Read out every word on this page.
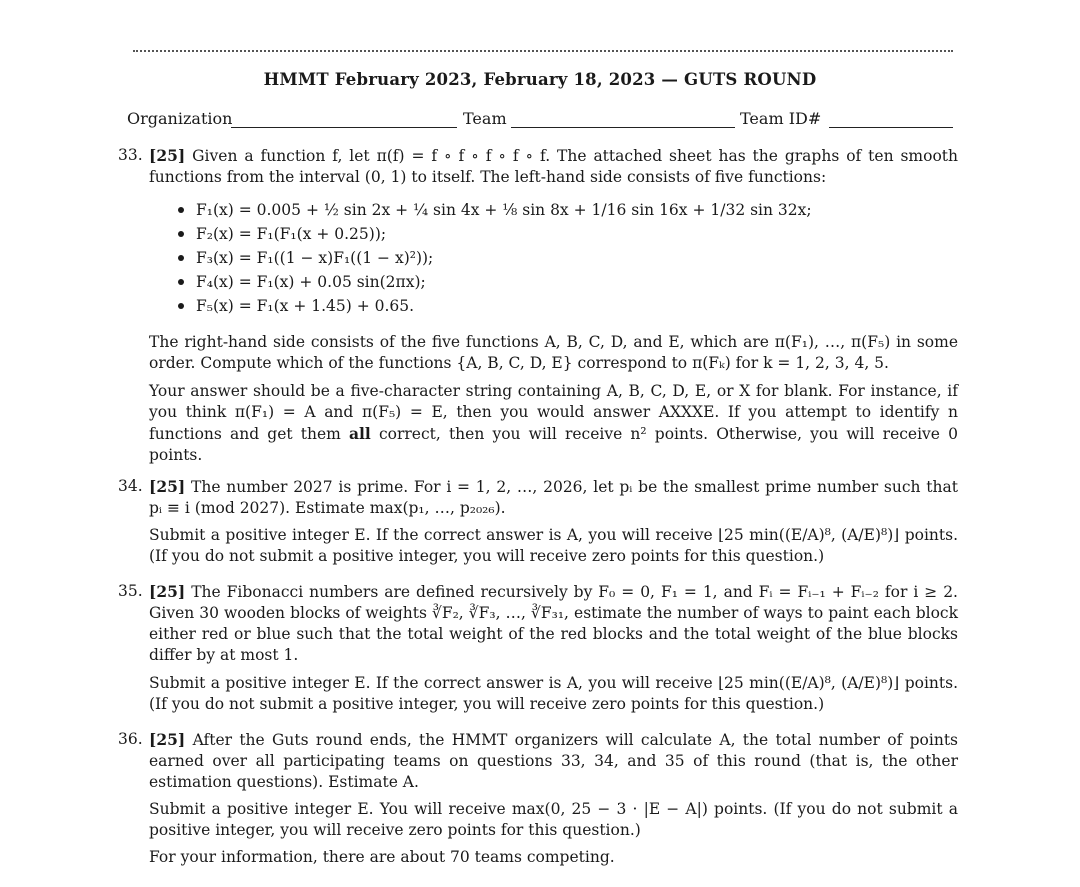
HMMT February 2023, February 18, 2023 — GUTS ROUND
Organization	Team	Team ID#
33. [25] Given a function f, let π(f) = f ∘ f ∘ f ∘ f ∘ f. The attached sheet has the graphs of ten smooth functions from the interval (0, 1) to itself. The left-hand side consists of five functions:
F₁(x) = 0.005 + ½ sin 2x + ¼ sin 4x + ⅛ sin 8x + 1/16 sin 16x + 1/32 sin 32x;
F₂(x) = F₁(F₁(x + 0.25));
F₃(x) = F₁((1 − x)F₁((1 − x)²));
F₄(x) = F₁(x) + 0.05 sin(2πx);
F₅(x) = F₁(x + 1.45) + 0.65.
The right-hand side consists of the five functions A, B, C, D, and E, which are π(F₁), …, π(F₅) in some order. Compute which of the functions {A, B, C, D, E} correspond to π(Fₖ) for k = 1, 2, 3, 4, 5.
Your answer should be a five-character string containing A, B, C, D, E, or X for blank. For instance, if you think π(F₁) = A and π(F₅) = E, then you would answer AXXXE. If you attempt to identify n functions and get them all correct, then you will receive n² points. Otherwise, you will receive 0 points.
34. [25] The number 2027 is prime. For i = 1, 2, …, 2026, let pᵢ be the smallest prime number such that pᵢ ≡ i (mod 2027). Estimate max(p₁, …, p₂₀₂₆).
Submit a positive integer E. If the correct answer is A, you will receive ⌊25 min((E/A)⁸, (A/E)⁸)⌋ points. (If you do not submit a positive integer, you will receive zero points for this question.)
35. [25] The Fibonacci numbers are defined recursively by F₀ = 0, F₁ = 1, and Fᵢ = Fᵢ₋₁ + Fᵢ₋₂ for i ≥ 2. Given 30 wooden blocks of weights ∛F₂, ∛F₃, …, ∛F₃₁, estimate the number of ways to paint each block either red or blue such that the total weight of the red blocks and the total weight of the blue blocks differ by at most 1.
Submit a positive integer E. If the correct answer is A, you will receive ⌊25 min((E/A)⁸, (A/E)⁸)⌋ points. (If you do not submit a positive integer, you will receive zero points for this question.)
36. [25] After the Guts round ends, the HMMT organizers will calculate A, the total number of points earned over all participating teams on questions 33, 34, and 35 of this round (that is, the other estimation questions). Estimate A.
Submit a positive integer E. You will receive max(0, 25 − 3 · |E − A|) points. (If you do not submit a positive integer, you will receive zero points for this question.)
For your information, there are about 70 teams competing.
